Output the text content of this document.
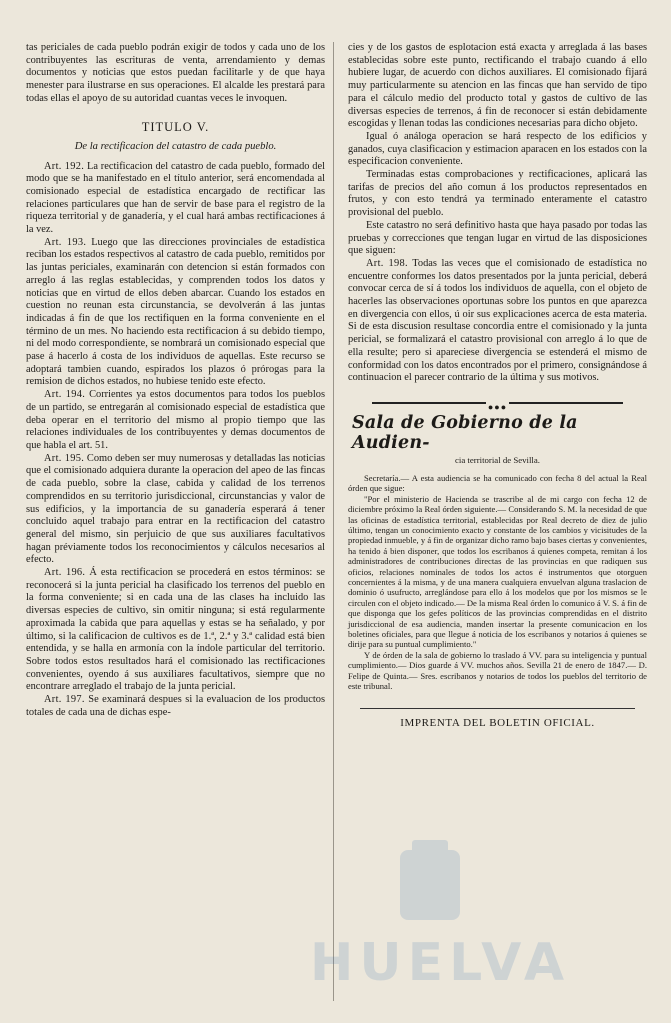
tas periciales de cada pueblo podrán exigir de todos y cada uno de los contribuyentes las escrituras de venta, arrendamiento y demas documentos y noticias que estos puedan facilitarle y de que haya menester para ilustrarse en sus operaciones. El alcalde les prestará para todas ellas el apoyo de su autoridad cuantas veces le invoquen.

TITULO V.
De la rectificacion del catastro de cada pueblo.

Art. 192. La rectificacion del catastro de cada pueblo, formado del modo que se ha manifestado en el título anterior, será encomendada al comisionado especial de estadística encargado de rectificar las relaciones particulares que han de servir de base para el registro de la riqueza territorial y de ganadería, y el cual hará ambas rectificaciones á la vez.

Art. 193. Luego que las direcciones provinciales de estadística reciban los estados respectivos al catastro de cada pueblo, remitidos por las juntas periciales, examinarán con detencion si están formados con arreglo á las reglas establecidas, y comprenden todos los datos y noticias que en virtud de ellos deben abarcar. Cuando los estados en cuestion no reunan esta circunstancia, se devolverán á las juntas indicadas á fin de que los rectifiquen en la forma conveniente en el término de un mes. No haciendo esta rectificacion á su debido tiempo, ni del modo correspondiente, se nombrará un comisionado especial que pase á hacerlo á costa de los individuos de aquellas. Este recurso se adoptará tambien cuando, espirados los plazos ó prórogas para la remision de dichos estados, no hubiese tenido este efecto.

Art. 194. Corrientes ya estos documentos para todos los pueblos de un partido, se entregarán al comisionado especial de estadística que deba operar en el territorio del mismo al propio tiempo que las relaciones individuales de los contribuyentes y demas documentos de que habla el art. 51.

Art. 195. Como deben ser muy numerosas y detalladas las noticias que el comisionado adquiera durante la operacion del apeo de las fincas de cada pueblo, sobre la clase, cabida y calidad de los terrenos comprendidos en su territorio jurisdiccional, circunstancias y valor de sus edificios, y la importancia de su ganadería esperará á tener concluido aquel trabajo para entrar en la rectificacion del catastro general del mismo, sin perjuicio de que sus auxiliares facultativos hagan préviamente todos los reconocimientos y cálculos necesarios al efecto.

Art. 196. Á esta rectificacion se procederá en estos términos: se reconocerá si la junta pericial ha clasificado los terrenos del pueblo en la forma conveniente; si en cada una de las clases ha incluido las diversas especies de cultivo, sin omitir ninguna; si está regularmente aproximada la cabida que para aquellas y estas se ha señalado, y por último, si la calificacion de cultivos es de 1.ª, 2.ª y 3.ª calidad está bien entendida, y se halla en armonía con la índole particular del territorio. Sobre todos estos resultados hará el comisionado las rectificaciones convenientes, oyendo á sus auxiliares facultativos, siempre que no encontrare arreglado el trabajo de la junta pericial.

Art. 197. Se examinará despues si la evaluacion de los productos totales de cada una de dichas espe-

cies y de los gastos de esplotacion está exacta y arreglada á las bases establecidas sobre este punto, rectificando el trabajo cuando á ello hubiere lugar, de acuerdo con dichos auxiliares. El comisionado fijará muy particularmente su atencion en las fincas que han servido de tipo para el cálculo medio del producto total y gastos de cultivo de las diversas especies de terrenos, á fin de reconocer si están debidamente escogidas y llenan todas las condiciones necesarias para dicho objeto.

Igual ó análoga operacion se hará respecto de los edificios y ganados, cuya clasificacion y estimacion aparacen en los estados con la especificacion conveniente.

Terminadas estas comprobaciones y rectificaciones, aplicará las tarifas de precios del año comun á los productos representados en frutos, y con esto tendrá ya terminado enteramente el catastro provisional del pueblo.

Este catastro no será definitivo hasta que haya pasado por todas las pruebas y correcciones que tengan lugar en virtud de las disposiciones que siguen:

Art. 198. Todas las veces que el comisionado de estadística no encuentre conformes los datos presentados por la junta pericial, deberá convocar cerca de sí á todos los individuos de aquella, con el objeto de hacerles las observaciones oportunas sobre los puntos en que aparezca en divergencia con ellos, ú oir sus explicaciones acerca de esta materia. Si de esta discusion resultase concordia entre el comisionado y la junta pericial, se formalizará el catastro provisional con arreglo á lo que de ella resulte; pero si apareciese divergencia se estenderá el mismo de conformidad con los datos encontrados por el primero, consignándose á continuacion el parecer contrario de la última y sus motivos.

●●●
Sala de Gobierno de la Audien-
cia territorial de Sevilla.

Secretaría.— A esta audiencia se ha comunicado con fecha 8 del actual la Real órden que sigue:

"Por el ministerio de Hacienda se trascribe al de mi cargo con fecha 12 de diciembre próximo la Real órden siguiente.— Considerando S. M. la necesidad de que las oficinas de estadística territorial, establecidas por Real decreto de diez de julio último, tengan un conocimiento exacto y constante de los cambios y vicisitudes de la propiedad inmueble, y á fin de organizar dicho ramo bajo bases ciertas y convenientes, ha tenido á bien disponer, que todos los escribanos á quienes competa, remitan á los administradores de contribuciones directas de las provincias en que radiquen sus oficios, relaciones nominales de todos los actos é instrumentos que otorguen concernientes á la misma, y de una manera cualquiera envuelvan alguna traslacion de dominio ó usufructo, arreglándose para ello á los modelos que por los mismos se le circulen con el objeto indicado.— De la misma Real órden lo comunico á V. S. á fin de que disponga que los gefes políticos de las provincias comprendidas en el distrito jurisdiccional de esa audiencia, manden insertar la presente comunicacion en los boletines oficiales, para que llegue á noticia de los escribanos y notarios á quienes se dirije para su puntual cumplimiento."

Y de órden de la sala de gobierno lo traslado á VV. para su inteligencia y puntual cumplimiento.— Dios guarde á VV. muchos años. Sevilla 21 de enero de 1847.— D. Felipe de Quinta.— Sres. escribanos y notarios de todos los pueblos del territorio de este tribunal.

IMPRENTA DEL BOLETIN OFICIAL.
HUELVA
